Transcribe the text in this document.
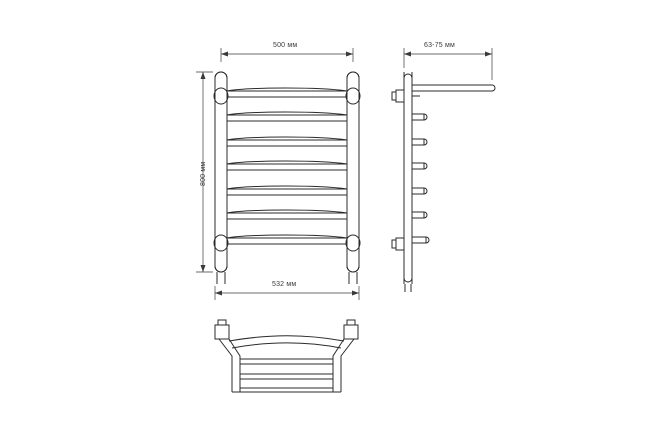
500 мм
800 мм
532 мм
63-75 мм
